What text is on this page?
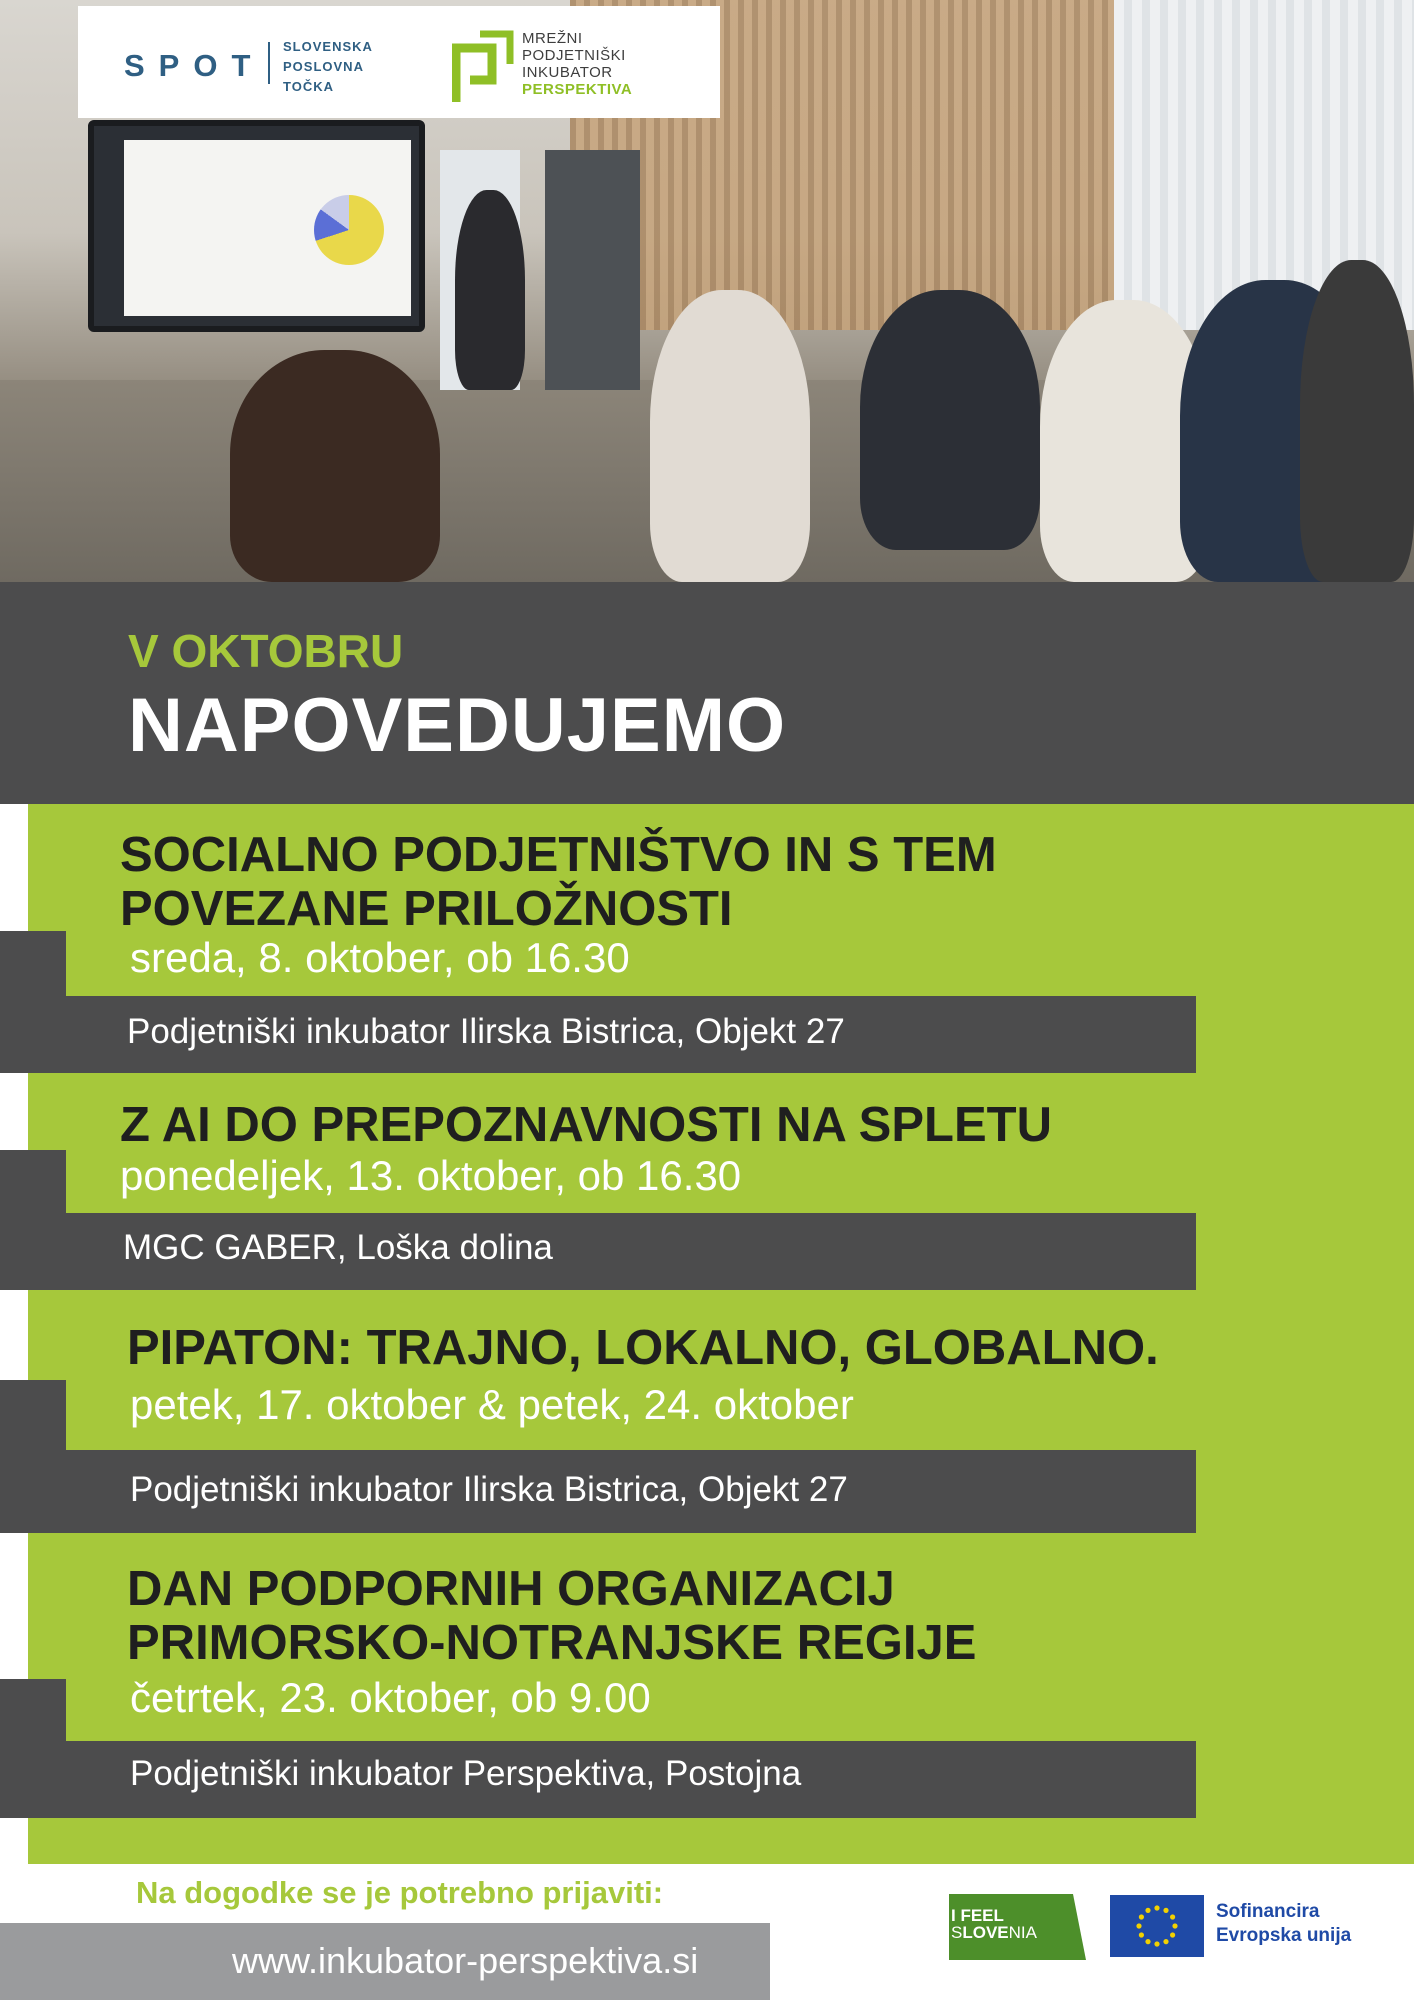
SPOT
SLOVENSKA
POSLOVNA
TOČKA
MREŽNI
PODJETNIŠKI
INKUBATOR
PERSPEKTIVA
V OKTOBRU
NAPOVEDUJEMO
SOCIALNO PODJETNIŠTVO IN S TEM
POVEZANE PRILOŽNOSTI
sreda, 8. oktober, ob 16.30
Podjetniški inkubator Ilirska Bistrica, Objekt 27
Z AI DO PREPOZNAVNOSTI NA SPLETU
ponedeljek, 13. oktober, ob 16.30
MGC GABER, Loška dolina
PIPATON: TRAJNO, LOKALNO, GLOBALNO.
petek, 17. oktober & petek, 24. oktober
Podjetniški inkubator Ilirska Bistrica, Objekt 27
DAN PODPORNIH ORGANIZACIJ
PRIMORSKO-NOTRANJSKE REGIJE
četrtek, 23. oktober, ob 9.00
Podjetniški inkubator Perspektiva, Postojna
Na dogodke se je potrebno prijaviti:
www.inkubator-perspektiva.si
I FEEL
SLOVENIA
Sofinancira
Evropska unija
